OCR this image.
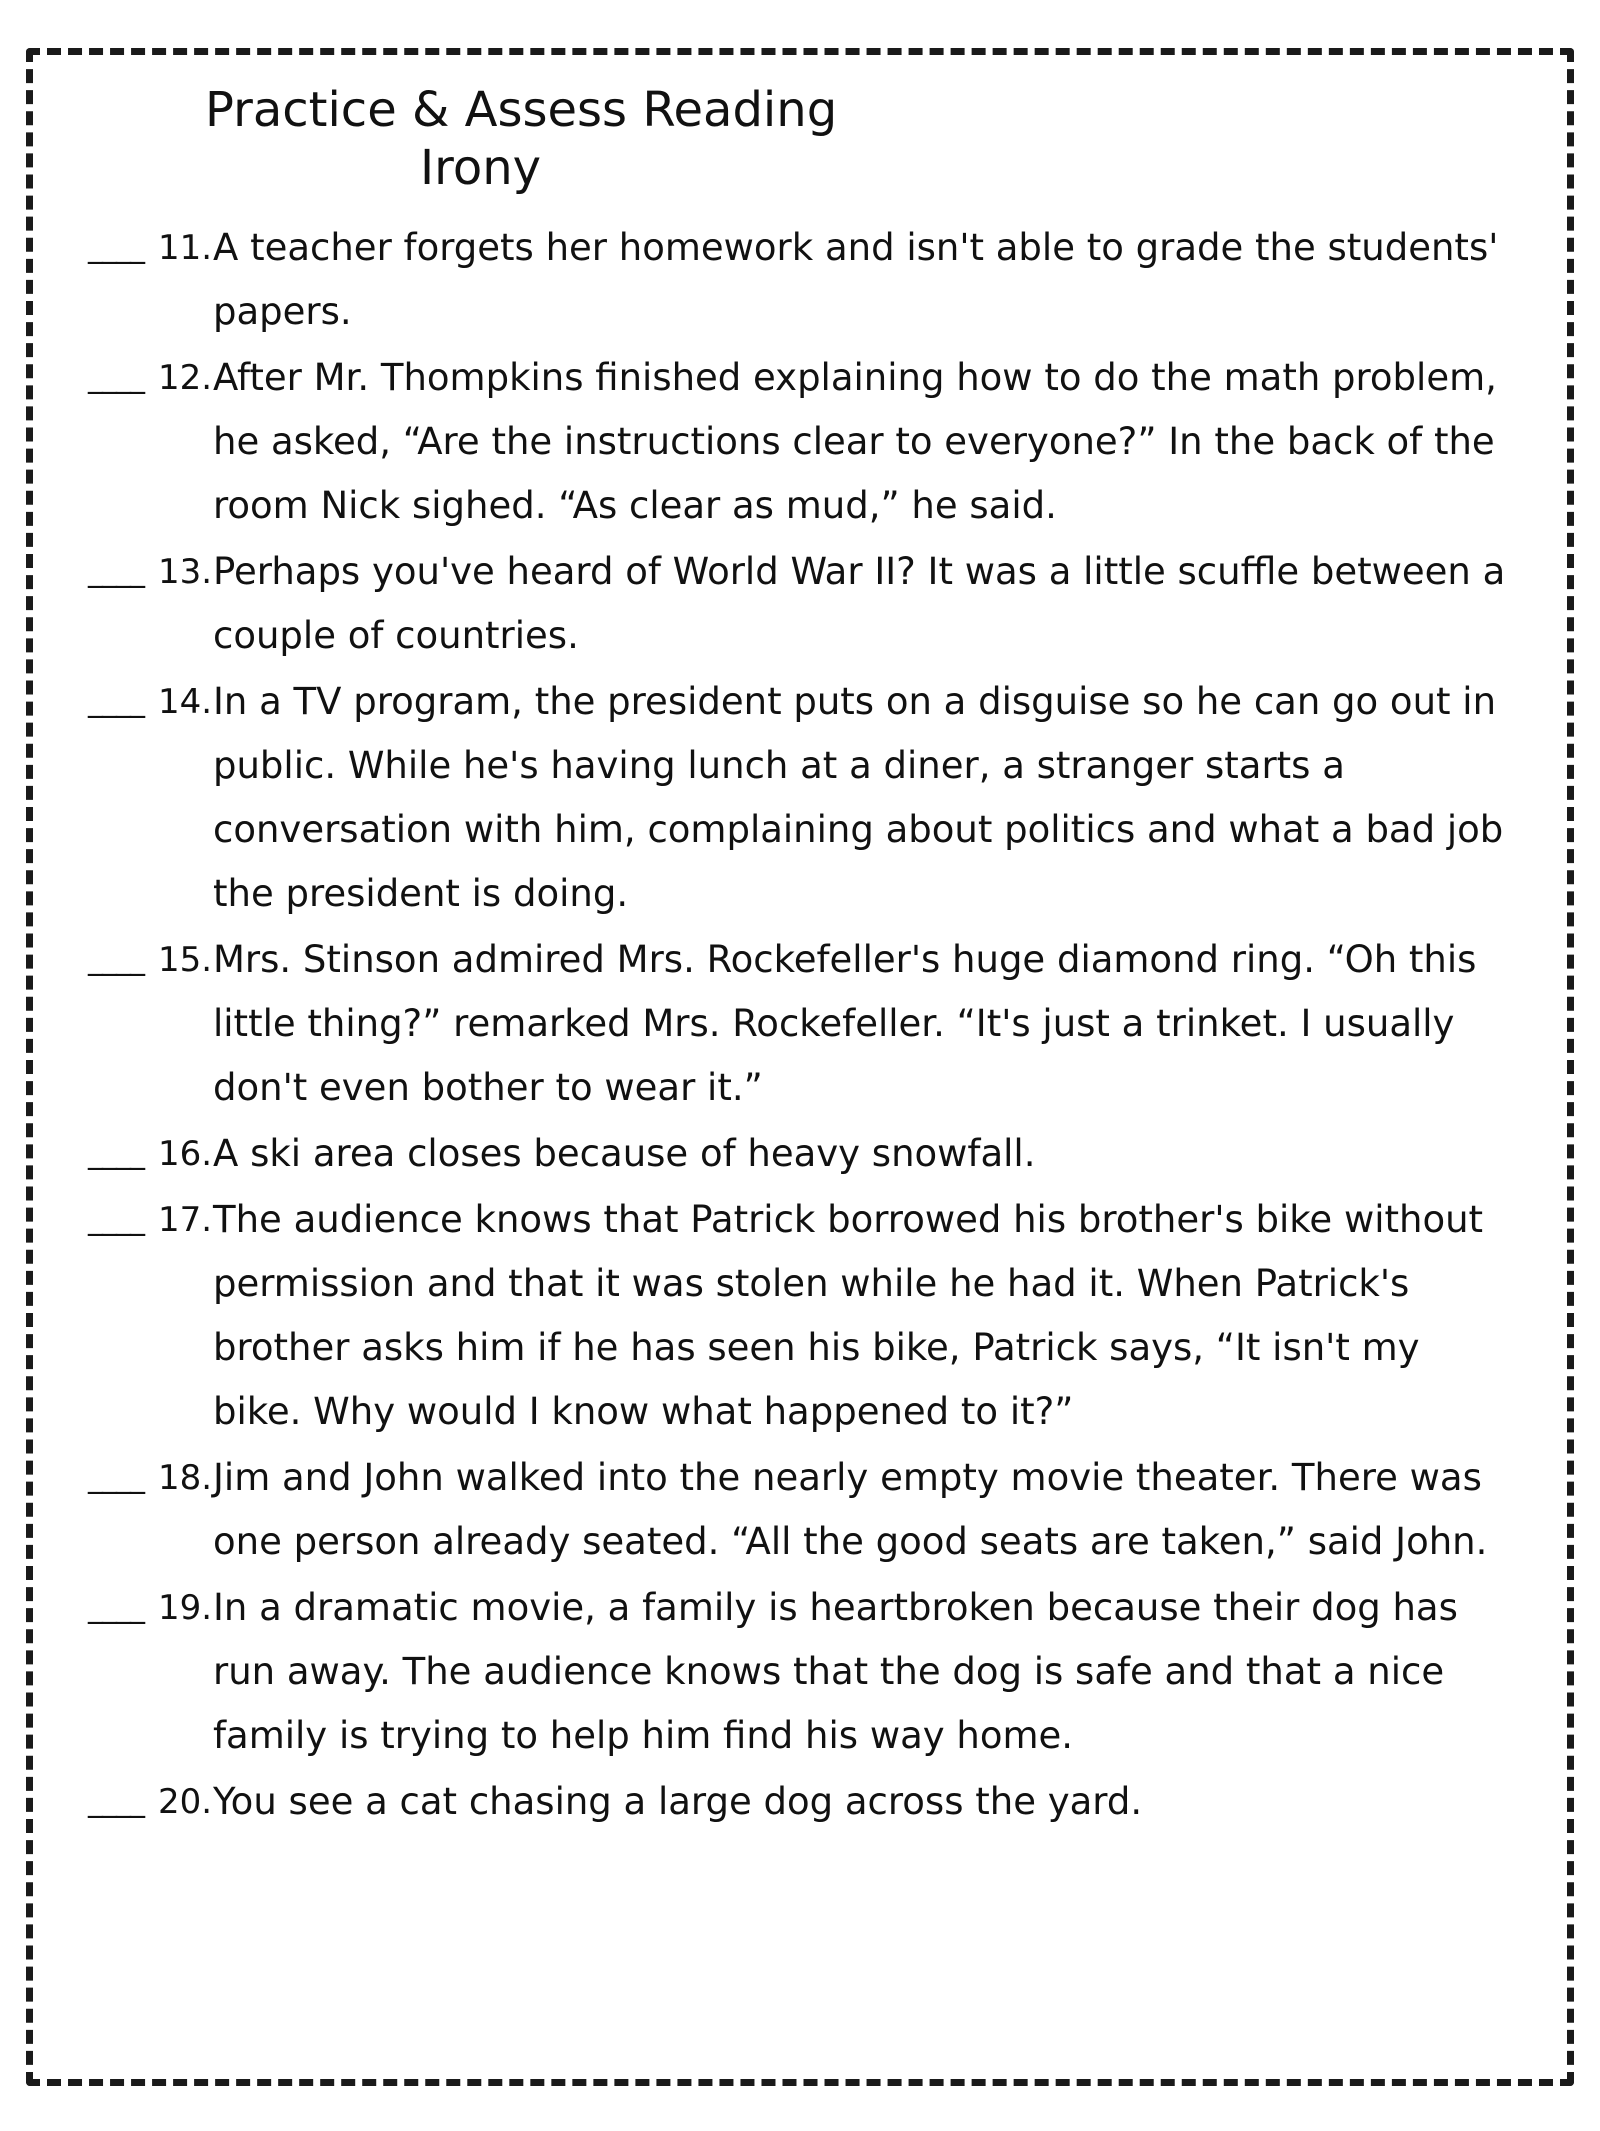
Practice & Assess Reading
Irony
____ 11. A teacher forgets her homework and isn't able to grade the students' papers.
____ 12. After Mr. Thompkins finished explaining how to do the math problem, he asked, “Are the instructions clear to everyone?” In the back of the room Nick sighed. “As clear as mud,” he said.
____ 13. Perhaps you've heard of World War II? It was a little scuffle between a couple of countries.
____ 14. In a TV program, the president puts on a disguise so he can go out in public. While he's having lunch at a diner, a stranger starts a conversation with him, complaining about politics and what a bad job the president is doing.
____ 15. Mrs. Stinson admired Mrs. Rockefeller's huge diamond ring. “Oh this little thing?” remarked Mrs. Rockefeller. “It's just a trinket. I usually don't even bother to wear it.”
____ 16. A ski area closes because of heavy snowfall.
____ 17. The audience knows that Patrick borrowed his brother's bike without permission and that it was stolen while he had it. When Patrick's brother asks him if he has seen his bike, Patrick says, “It isn't my bike. Why would I know what happened to it?”
____ 18. Jim and John walked into the nearly empty movie theater. There was one person already seated. “All the good seats are taken,” said John.
____ 19. In a dramatic movie, a family is heartbroken because their dog has run away. The audience knows that the dog is safe and that a nice family is trying to help him find his way home.
____ 20. You see a cat chasing a large dog across the yard.
